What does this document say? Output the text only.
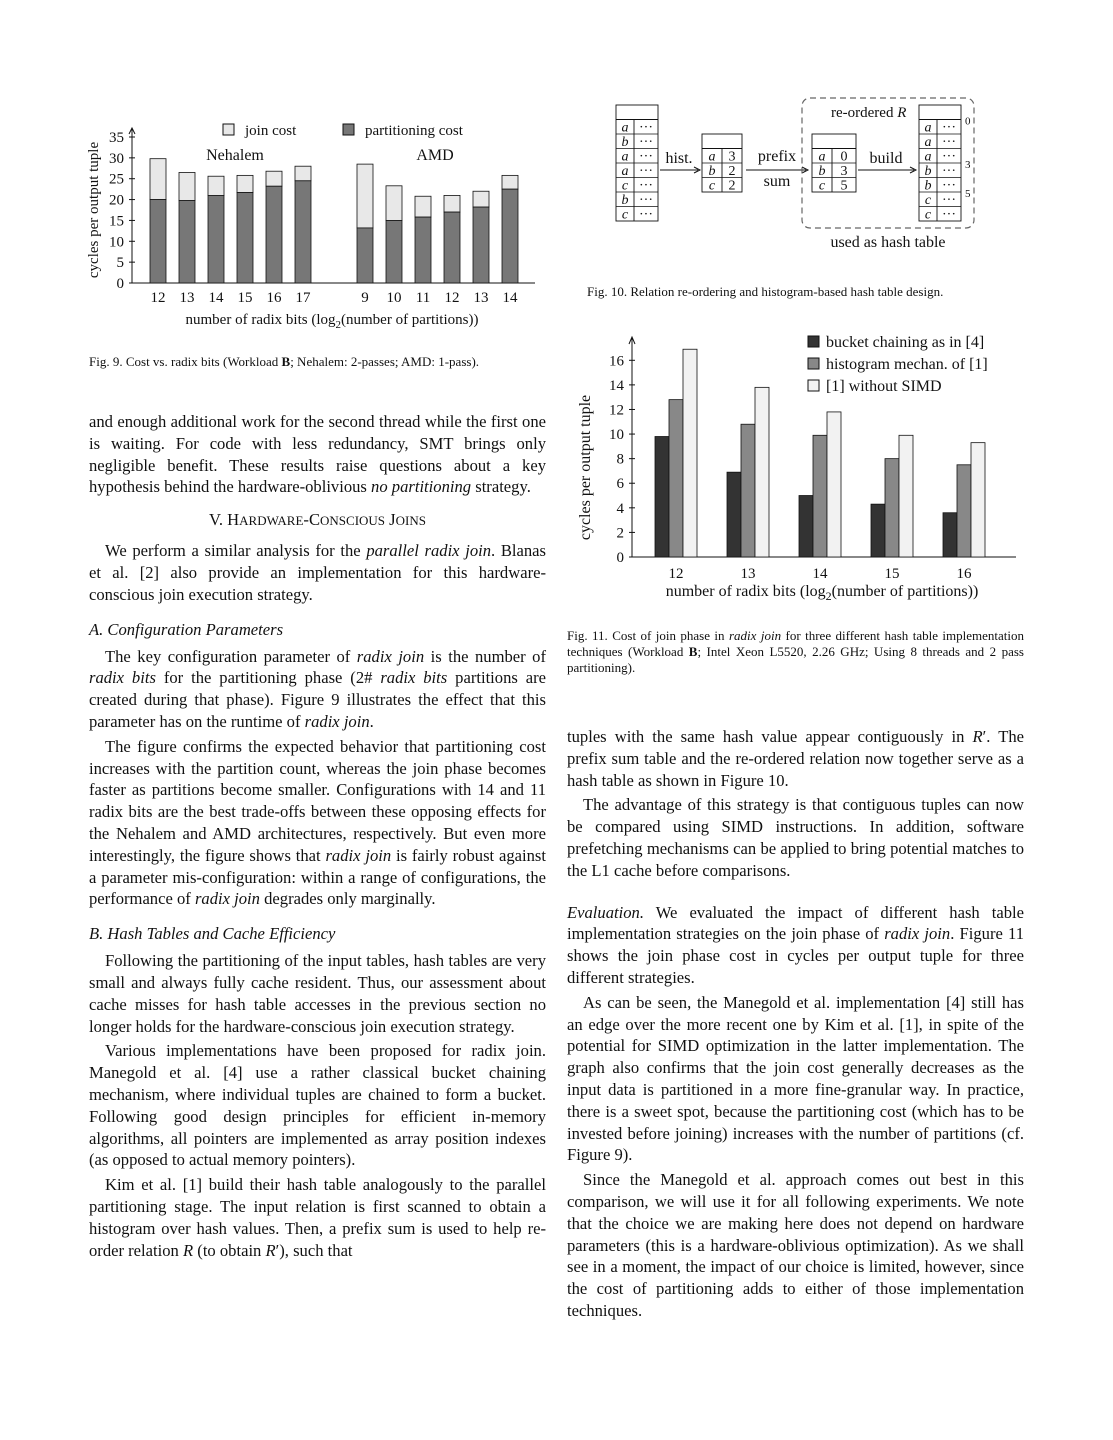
0
5
10
15
20
25
30
35
cycles per output tuple
join cost	partitioning cost
Nehalem
12 13 14 15 16 17
AMD
9 10 11 12 13 14
number of radix bits ($\log_2(number$ of partitions))

Fig. 9. Cost vs. radix bits (Workload B; Nehalem: 2-passes; AMD: 1-pass).

a ···
b ···
a ···
a ···
c ···
b ···
c ···
hist. a 3
b 2
c 2
prefix
sum
re-ordered R
a 0
b 3
c 5
build
a ···
a ···
a ···
b ···
b ···
c ···
c ···
0
3
5
used as hash table

Fig. 10. Relation re-ordering and histogram-based hash table design.

0
2
4
6
8
10
12
14
16
cycles per output tuple
12	13	14	15	16
number of radix bits ($\log_2(number$ of partitions))
bucket chaining as in [4]
histogram mechan. of [1]
[1] without SIMD

Fig. 11. Cost of join phase in radix join for three different hash table implementation techniques (Workload B; Intel Xeon L5520, 2.26 GHz; Using 8 threads and 2 pass partitioning).

and enough additional work for the second thread while the first one is waiting. For code with less redundancy, SMT brings only negligible benefit. These results raise questions about a key hypothesis behind the hardware-oblivious no partitioning strategy.

V. HARDWARE-CONSCIOUS JOINS

We perform a similar analysis for the parallel radix join. Blanas et al. [2] also provide an implementation for this hardware-conscious join execution strategy.

A. Configuration Parameters

The key configuration parameter of radix join is the number of radix bits for the partitioning phase (2# radix bits partitions are created during that phase). Figure 9 illustrates the effect that this parameter has on the runtime of radix join.

The figure confirms the expected behavior that partitioning cost increases with the partition count, whereas the join phase becomes faster as partitions become smaller. Configurations with 14 and 11 radix bits are the best trade-offs between these opposing effects for the Nehalem and AMD architectures, respectively. But even more interestingly, the figure shows that radix join is fairly robust against a parameter mis-configuration: within a range of configurations, the performance of radix join degrades only marginally.

B. Hash Tables and Cache Efficiency

Following the partitioning of the input tables, hash tables are very small and always fully cache resident. Thus, our assessment about cache misses for hash table accesses in the previous section no longer holds for the hardware-conscious join execution strategy.

Various implementations have been proposed for radix join. Manegold et al. [4] use a rather classical bucket chaining mechanism, where individual tuples are chained to form a bucket. Following good design principles for efficient in-memory algorithms, all pointers are implemented as array position indexes (as opposed to actual memory pointers).

Kim et al. [1] build their hash table analogously to the parallel partitioning stage. The input relation is first scanned to obtain a histogram over hash values. Then, a prefix sum is used to help re-order relation R (to obtain R′), such that

tuples with the same hash value appear contiguously in R′. The prefix sum table and the re-ordered relation now together serve as a hash table as shown in Figure 10.

The advantage of this strategy is that contiguous tuples can now be compared using SIMD instructions. In addition, software prefetching mechanisms can be applied to bring potential matches to the L1 cache before comparisons.

Evaluation. We evaluated the impact of different hash table implementation strategies on the join phase of radix join. Figure 11 shows the join phase cost in cycles per output tuple for three different strategies.

As can be seen, the Manegold et al. implementation [4] still has an edge over the more recent one by Kim et al. [1], in spite of the potential for SIMD optimization in the latter implementation. The graph also confirms that the join cost generally decreases as the input data is partitioned in a more fine-granular way. In practice, there is a sweet spot, because the partitioning cost (which has to be invested before joining) increases with the number of partitions (cf. Figure 9).

Since the Manegold et al. approach comes out best in this comparison, we will use it for all following experiments. We note that the choice we are making here does not depend on hardware parameters (this is a hardware-oblivious optimization). As we shall see in a moment, the impact of our choice is limited, however, since the cost of partitioning adds to either of those implementation techniques.
